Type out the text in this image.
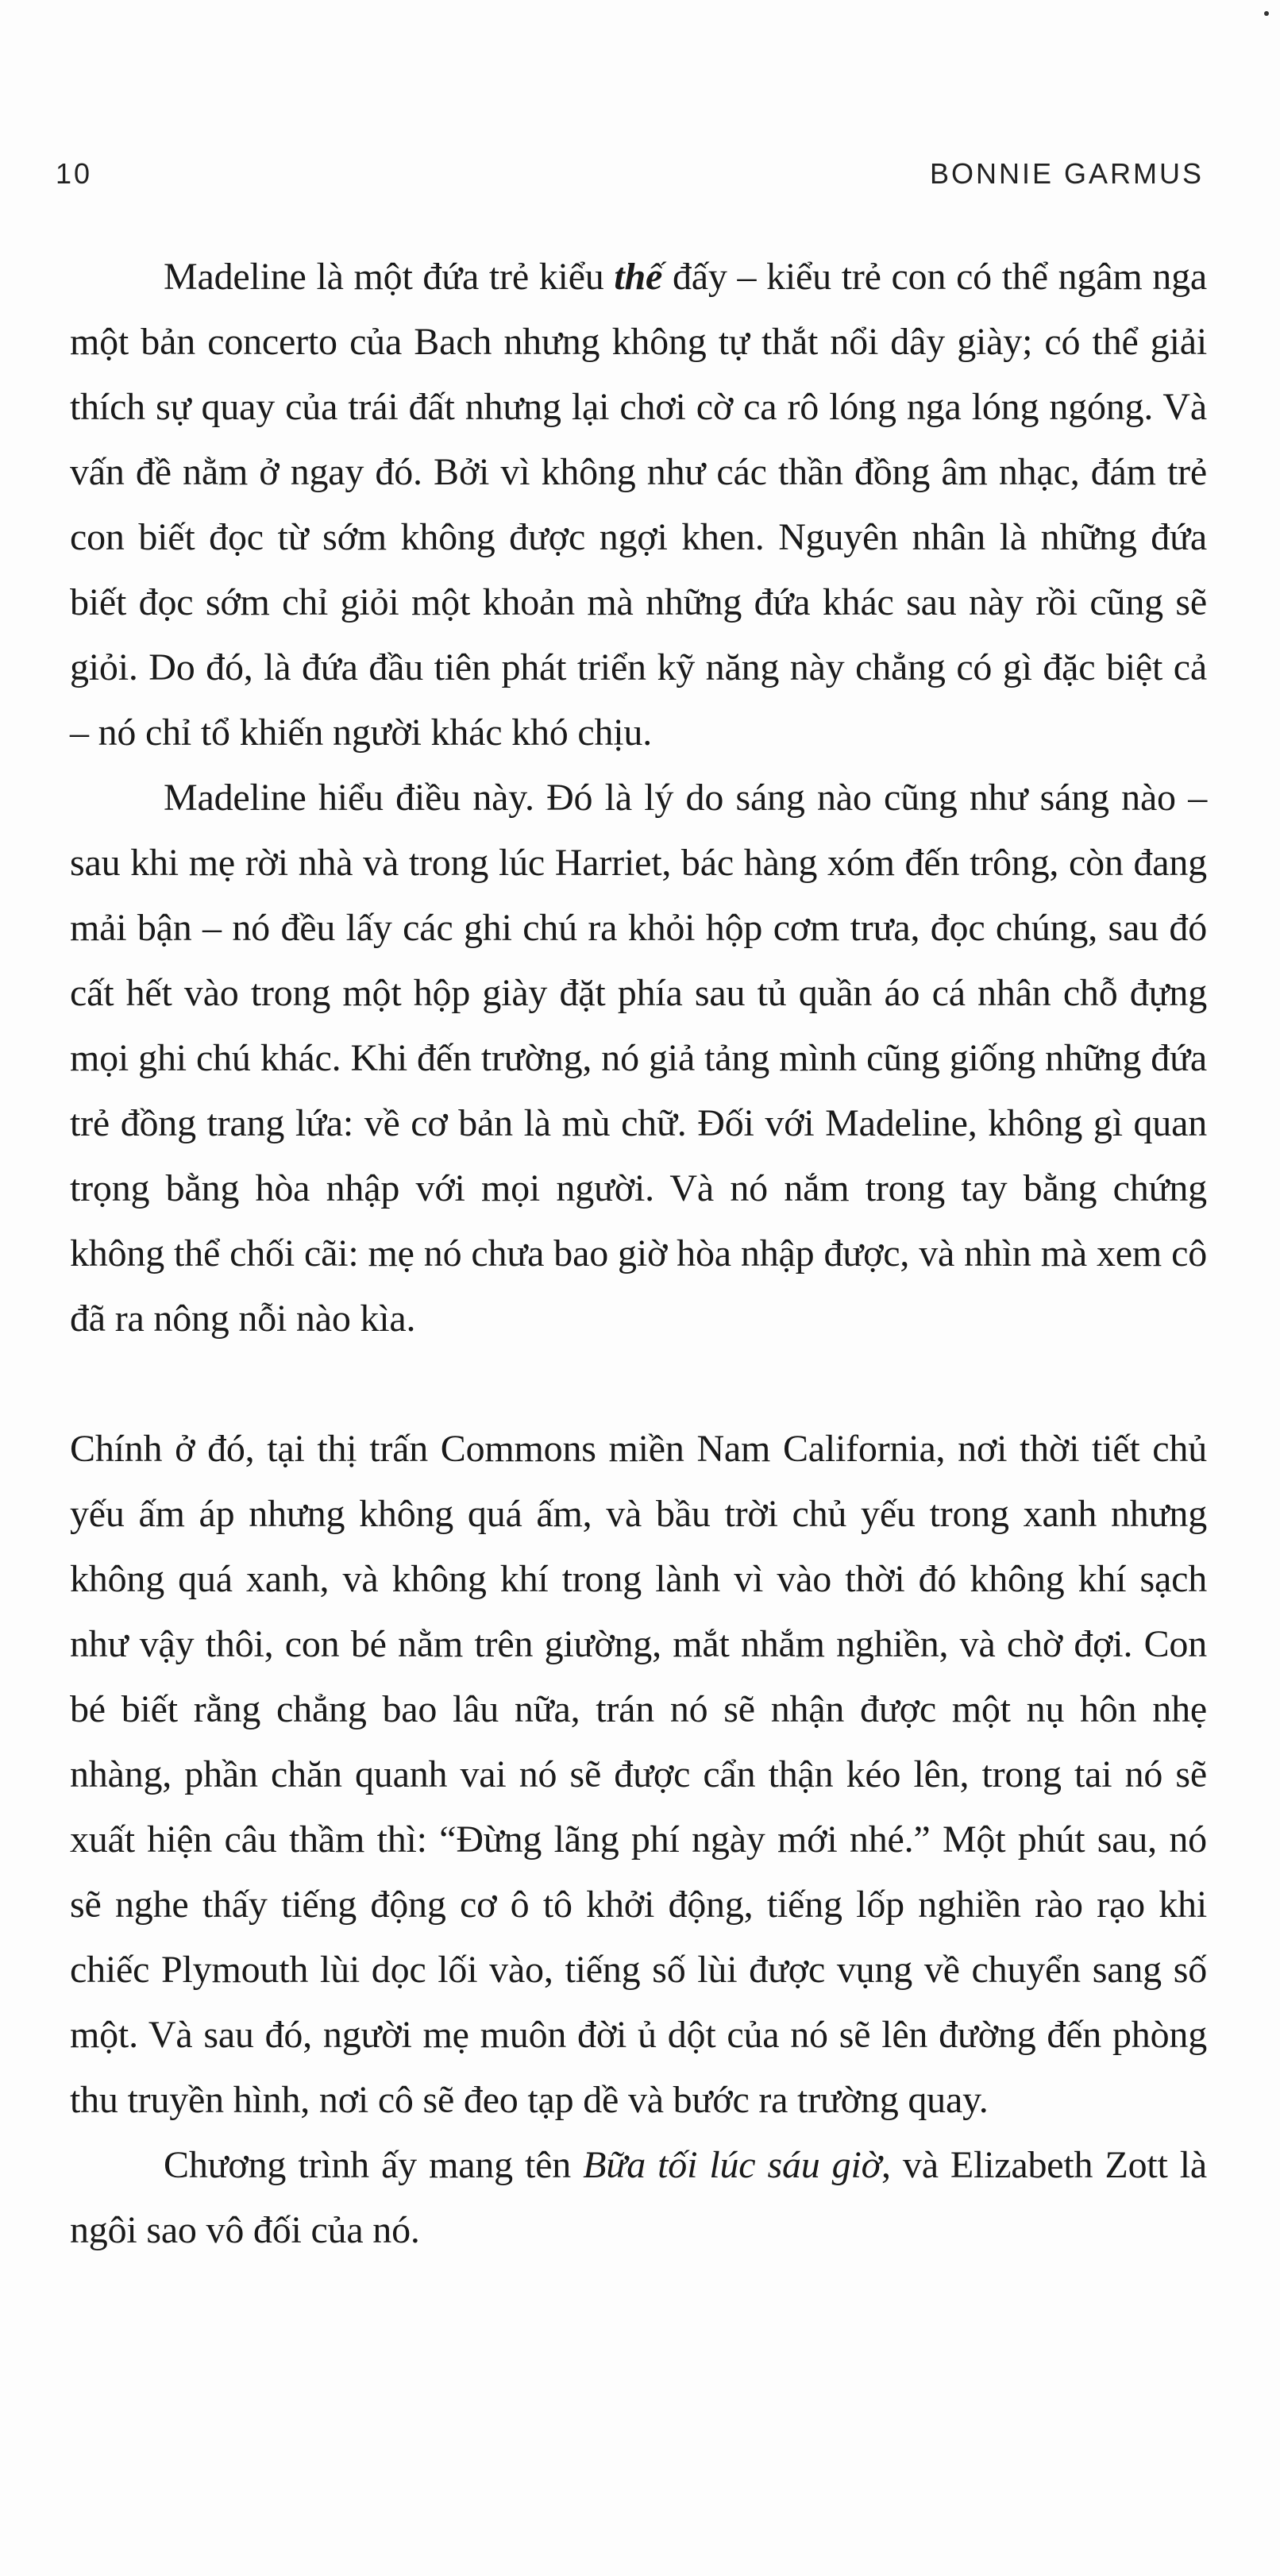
10	BONNIE GARMUS

Madeline là một đứa trẻ kiểu thế đấy – kiểu trẻ con có thể ngâm nga một bản concerto của Bach nhưng không tự thắt nổi dây giày; có thể giải thích sự quay của trái đất nhưng lại chơi cờ ca rô lóng nga lóng ngóng. Và vấn đề nằm ở ngay đó. Bởi vì không như các thần đồng âm nhạc, đám trẻ con biết đọc từ sớm không được ngợi khen. Nguyên nhân là những đứa biết đọc sớm chỉ giỏi một khoản mà những đứa khác sau này rồi cũng sẽ giỏi. Do đó, là đứa đầu tiên phát triển kỹ năng này chẳng có gì đặc biệt cả – nó chỉ tổ khiến người khác khó chịu.

Madeline hiểu điều này. Đó là lý do sáng nào cũng như sáng nào – sau khi mẹ rời nhà và trong lúc Harriet, bác hàng xóm đến trông, còn đang mải bận – nó đều lấy các ghi chú ra khỏi hộp cơm trưa, đọc chúng, sau đó cất hết vào trong một hộp giày đặt phía sau tủ quần áo cá nhân chỗ đựng mọi ghi chú khác. Khi đến trường, nó giả tảng mình cũng giống những đứa trẻ đồng trang lứa: về cơ bản là mù chữ. Đối với Madeline, không gì quan trọng bằng hòa nhập với mọi người. Và nó nắm trong tay bằng chứng không thể chối cãi: mẹ nó chưa bao giờ hòa nhập được, và nhìn mà xem cô đã ra nông nỗi nào kìa.

Chính ở đó, tại thị trấn Commons miền Nam California, nơi thời tiết chủ yếu ấm áp nhưng không quá ấm, và bầu trời chủ yếu trong xanh nhưng không quá xanh, và không khí trong lành vì vào thời đó không khí sạch như vậy thôi, con bé nằm trên giường, mắt nhắm nghiền, và chờ đợi. Con bé biết rằng chẳng bao lâu nữa, trán nó sẽ nhận được một nụ hôn nhẹ nhàng, phần chăn quanh vai nó sẽ được cẩn thận kéo lên, trong tai nó sẽ xuất hiện câu thầm thì: “Đừng lãng phí ngày mới nhé.” Một phút sau, nó sẽ nghe thấy tiếng động cơ ô tô khởi động, tiếng lốp nghiền rào rạo khi chiếc Plymouth lùi dọc lối vào, tiếng số lùi được vụng về chuyển sang số một. Và sau đó, người mẹ muôn đời ủ dột của nó sẽ lên đường đến phòng thu truyền hình, nơi cô sẽ đeo tạp dề và bước ra trường quay.

Chương trình ấy mang tên Bữa tối lúc sáu giờ, và Elizabeth Zott là ngôi sao vô đối của nó.
